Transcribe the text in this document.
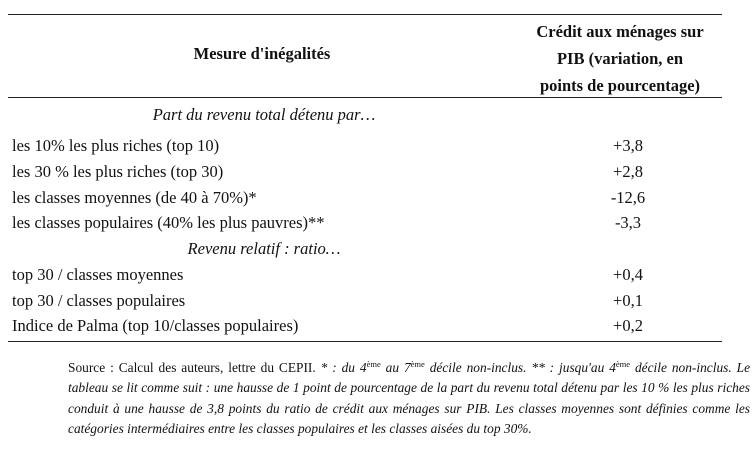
Mesure d'inégalités
Crédit aux ménages sur
PIB (variation, en
points de pourcentage)
Part du revenu total détenu par…
les 10% les plus riches (top 10)	+3,8
les 30 % les plus riches (top 30)	+2,8
les classes moyennes (de 40 à 70%)*	-12,6
les classes populaires (40% les plus pauvres)**	-3,3
Revenu relatif : ratio…
top 30 / classes moyennes	+0,4
top 30 / classes populaires	+0,1
Indice de Palma (top 10/classes populaires)	+0,2
Source : Calcul des auteurs, lettre du CEPII. * : du 4ème au 7ème décile non-inclus. ** : jusqu'au 4ème décile non-inclus. Le tableau se lit comme suit : une hausse de 1 point de pourcentage de la part du revenu total détenu par les 10 % les plus riches conduit à une hausse de 3,8 points du ratio de crédit aux ménages sur PIB. Les classes moyennes sont définies comme les catégories intermédiaires entre les classes populaires et les classes aisées du top 30%.
